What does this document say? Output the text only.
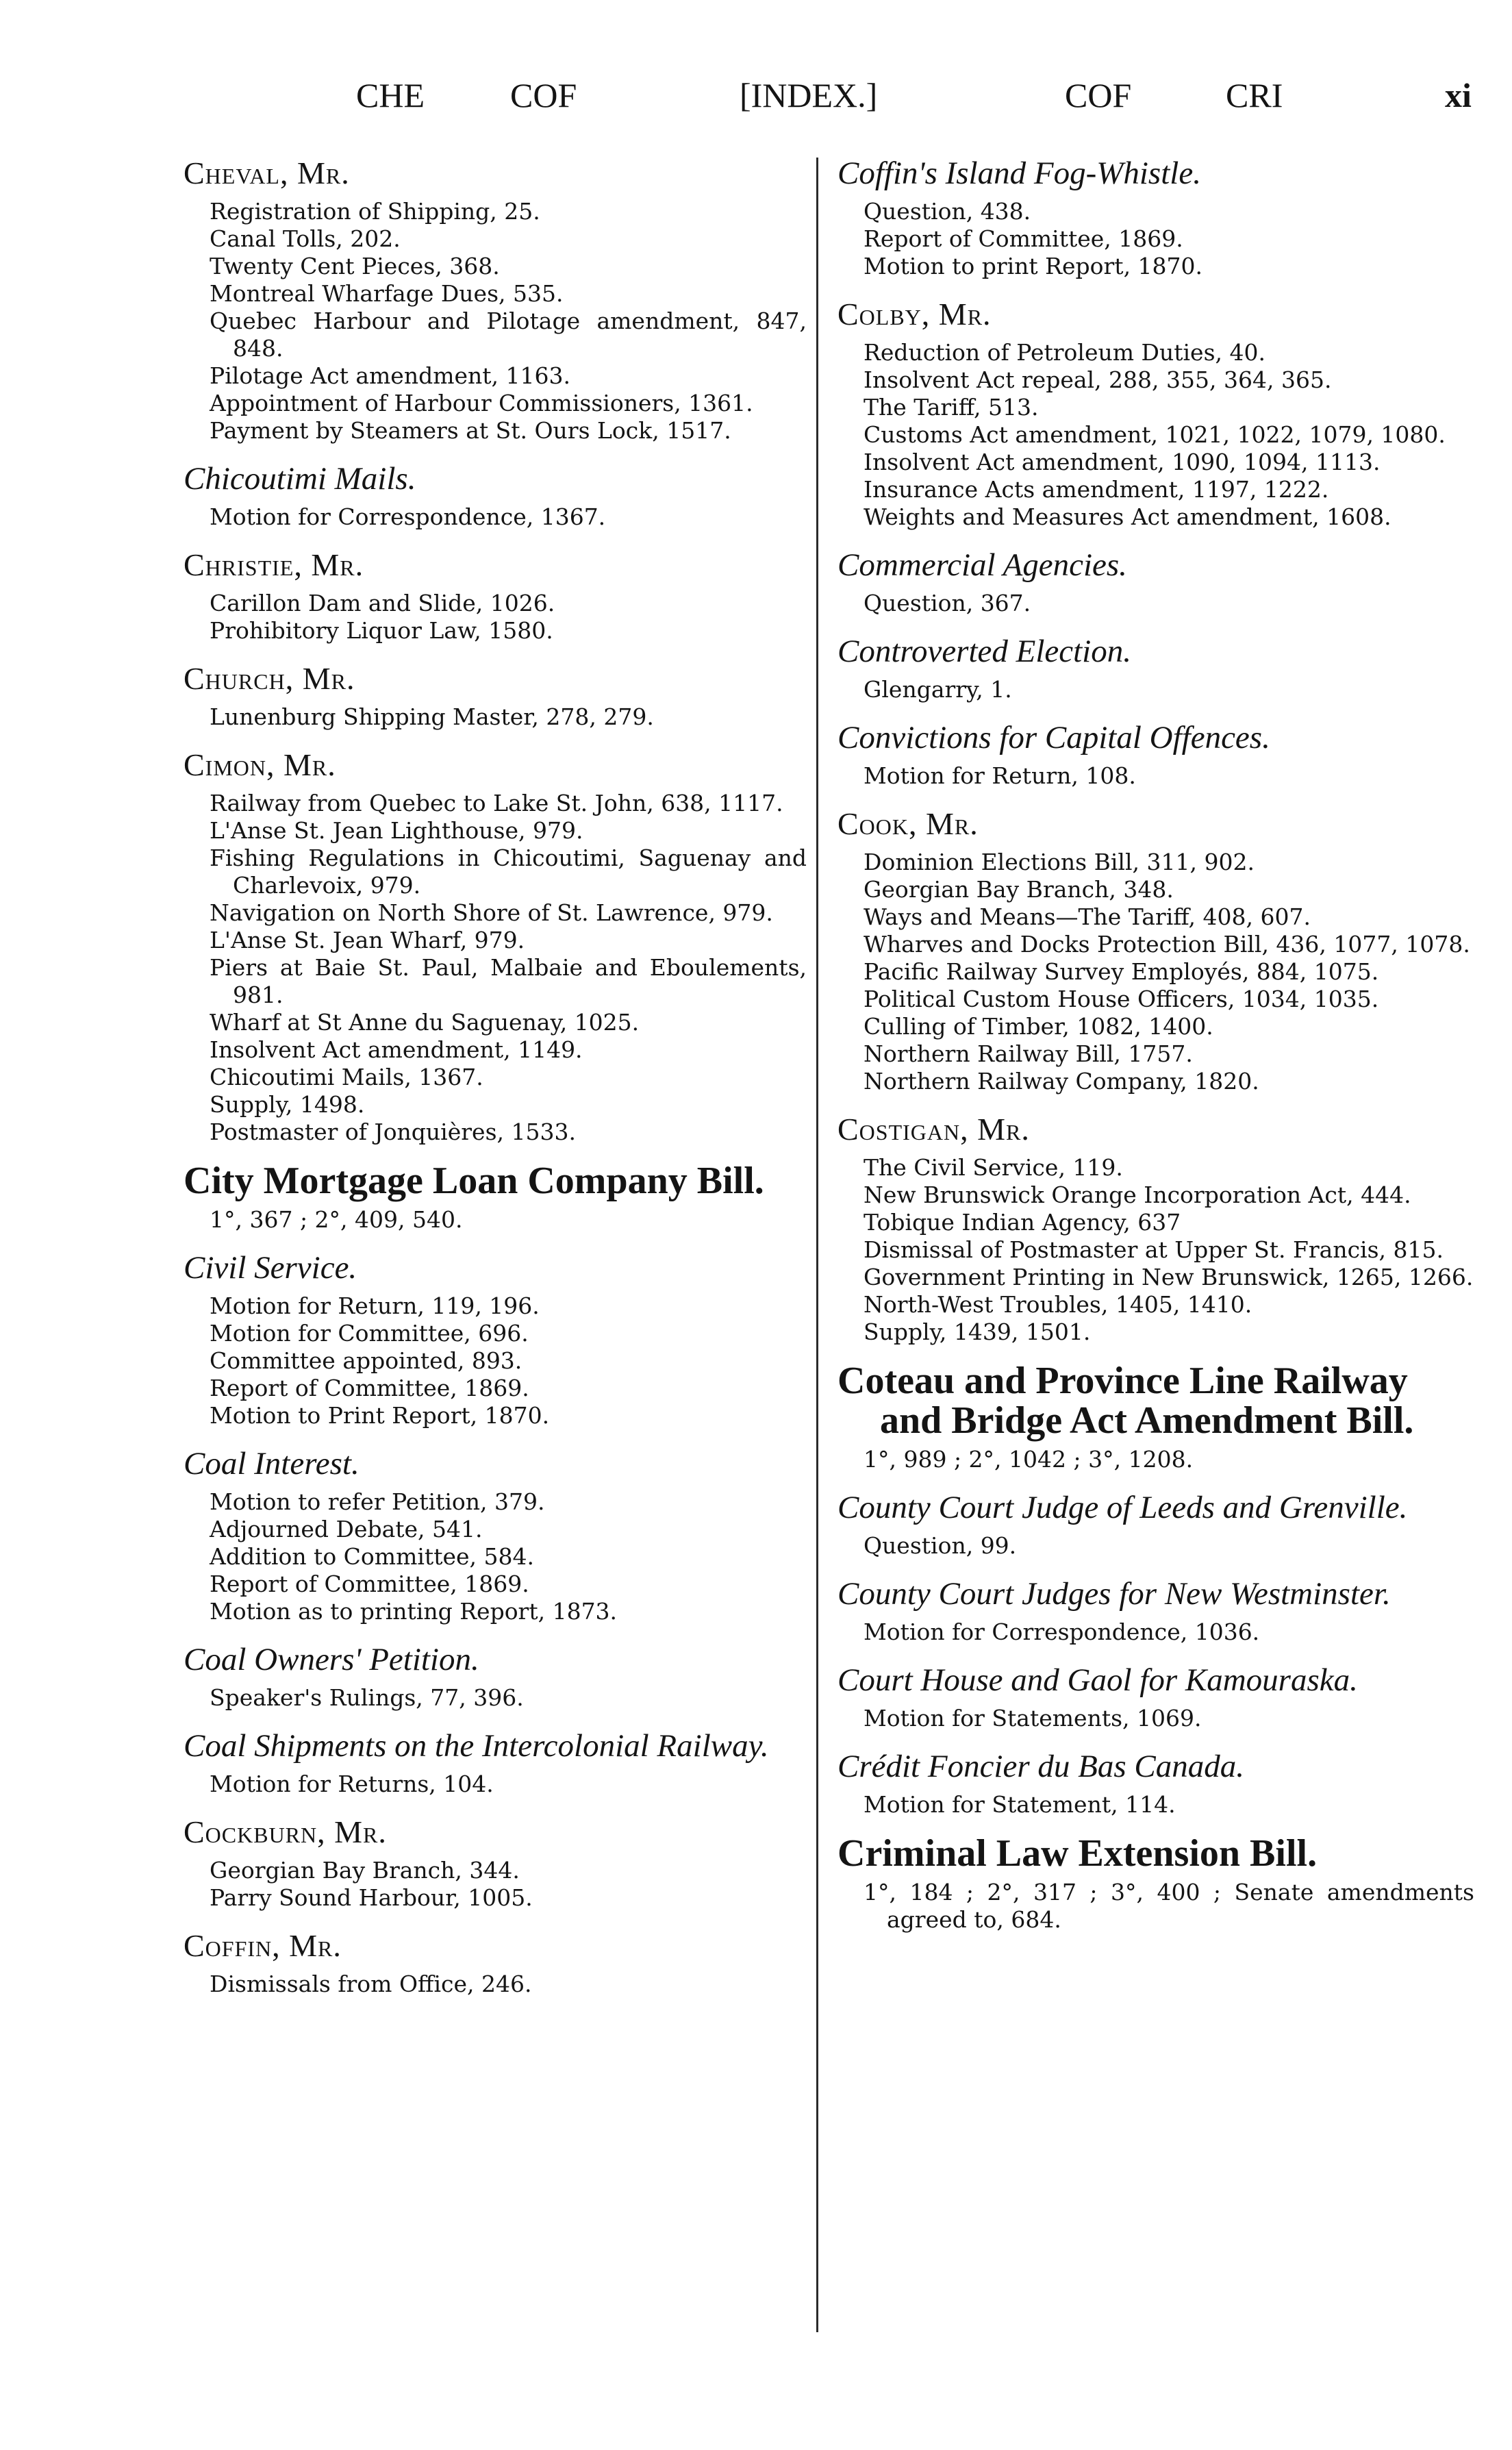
CHE	COF	[INDEX.]	COF	CRI	xi
Cheval, Mr.
Registration of Shipping, 25.
Canal Tolls, 202.
Twenty Cent Pieces, 368.
Montreal Wharfage Dues, 535.
Quebec Harbour and Pilotage amendment, 847, 848.
Pilotage Act amendment, 1163.
Appointment of Harbour Commissioners, 1361.
Payment by Steamers at St. Ours Lock, 1517.
Chicoutimi Mails.
Motion for Correspondence, 1367.
Christie, Mr.
Carillon Dam and Slide, 1026.
Prohibitory Liquor Law, 1580.
Church, Mr.
Lunenburg Shipping Master, 278, 279.
Cimon, Mr.
Railway from Quebec to Lake St. John, 638, 1117.
L'Anse St. Jean Lighthouse, 979.
Fishing Regulations in Chicoutimi, Saguenay and Charlevoix, 979.
Navigation on North Shore of St. Lawrence, 979.
L'Anse St. Jean Wharf, 979.
Piers at Baie St. Paul, Malbaie and Eboulements, 981.
Wharf at St Anne du Saguenay, 1025.
Insolvent Act amendment, 1149.
Chicoutimi Mails, 1367.
Supply, 1498.
Postmaster of Jonquières, 1533.
City Mortgage Loan Company Bill.
1°, 367 ; 2°, 409, 540.
Civil Service.
Motion for Return, 119, 196.
Motion for Committee, 696.
Committee appointed, 893.
Report of Committee, 1869.
Motion to Print Report, 1870.
Coal Interest.
Motion to refer Petition, 379.
Adjourned Debate, 541.
Addition to Committee, 584.
Report of Committee, 1869.
Motion as to printing Report, 1873.
Coal Owners' Petition.
Speaker's Rulings, 77, 396.
Coal Shipments on the Intercolonial Railway.
Motion for Returns, 104.
Cockburn, Mr.
Georgian Bay Branch, 344.
Parry Sound Harbour, 1005.
Coffin, Mr.
Dismissals from Office, 246.
Coffin's Island Fog-Whistle.
Question, 438.
Report of Committee, 1869.
Motion to print Report, 1870.
Colby, Mr.
Reduction of Petroleum Duties, 40.
Insolvent Act repeal, 288, 355, 364, 365.
The Tariff, 513.
Customs Act amendment, 1021, 1022, 1079, 1080.
Insolvent Act amendment, 1090, 1094, 1113.
Insurance Acts amendment, 1197, 1222.
Weights and Measures Act amendment, 1608.
Commercial Agencies.
Question, 367.
Controverted Election.
Glengarry, 1.
Convictions for Capital Offences.
Motion for Return, 108.
Cook, Mr.
Dominion Elections Bill, 311, 902.
Georgian Bay Branch, 348.
Ways and Means—The Tariff, 408, 607.
Wharves and Docks Protection Bill, 436, 1077, 1078.
Pacific Railway Survey Employés, 884, 1075.
Political Custom House Officers, 1034, 1035.
Culling of Timber, 1082, 1400.
Northern Railway Bill, 1757.
Northern Railway Company, 1820.
Costigan, Mr.
The Civil Service, 119.
New Brunswick Orange Incorporation Act, 444.
Tobique Indian Agency, 637
Dismissal of Postmaster at Upper St. Francis, 815.
Government Printing in New Brunswick, 1265, 1266.
North-West Troubles, 1405, 1410.
Supply, 1439, 1501.
Coteau and Province Line Railway and Bridge Act Amendment Bill.
1°, 989 ; 2°, 1042 ; 3°, 1208.
County Court Judge of Leeds and Grenville.
Question, 99.
County Court Judges for New Westminster.
Motion for Correspondence, 1036.
Court House and Gaol for Kamouraska.
Motion for Statements, 1069.
Crédit Foncier du Bas Canada.
Motion for Statement, 114.
Criminal Law Extension Bill.
1°, 184 ; 2°, 317 ; 3°, 400 ; Senate amendments agreed to, 684.
